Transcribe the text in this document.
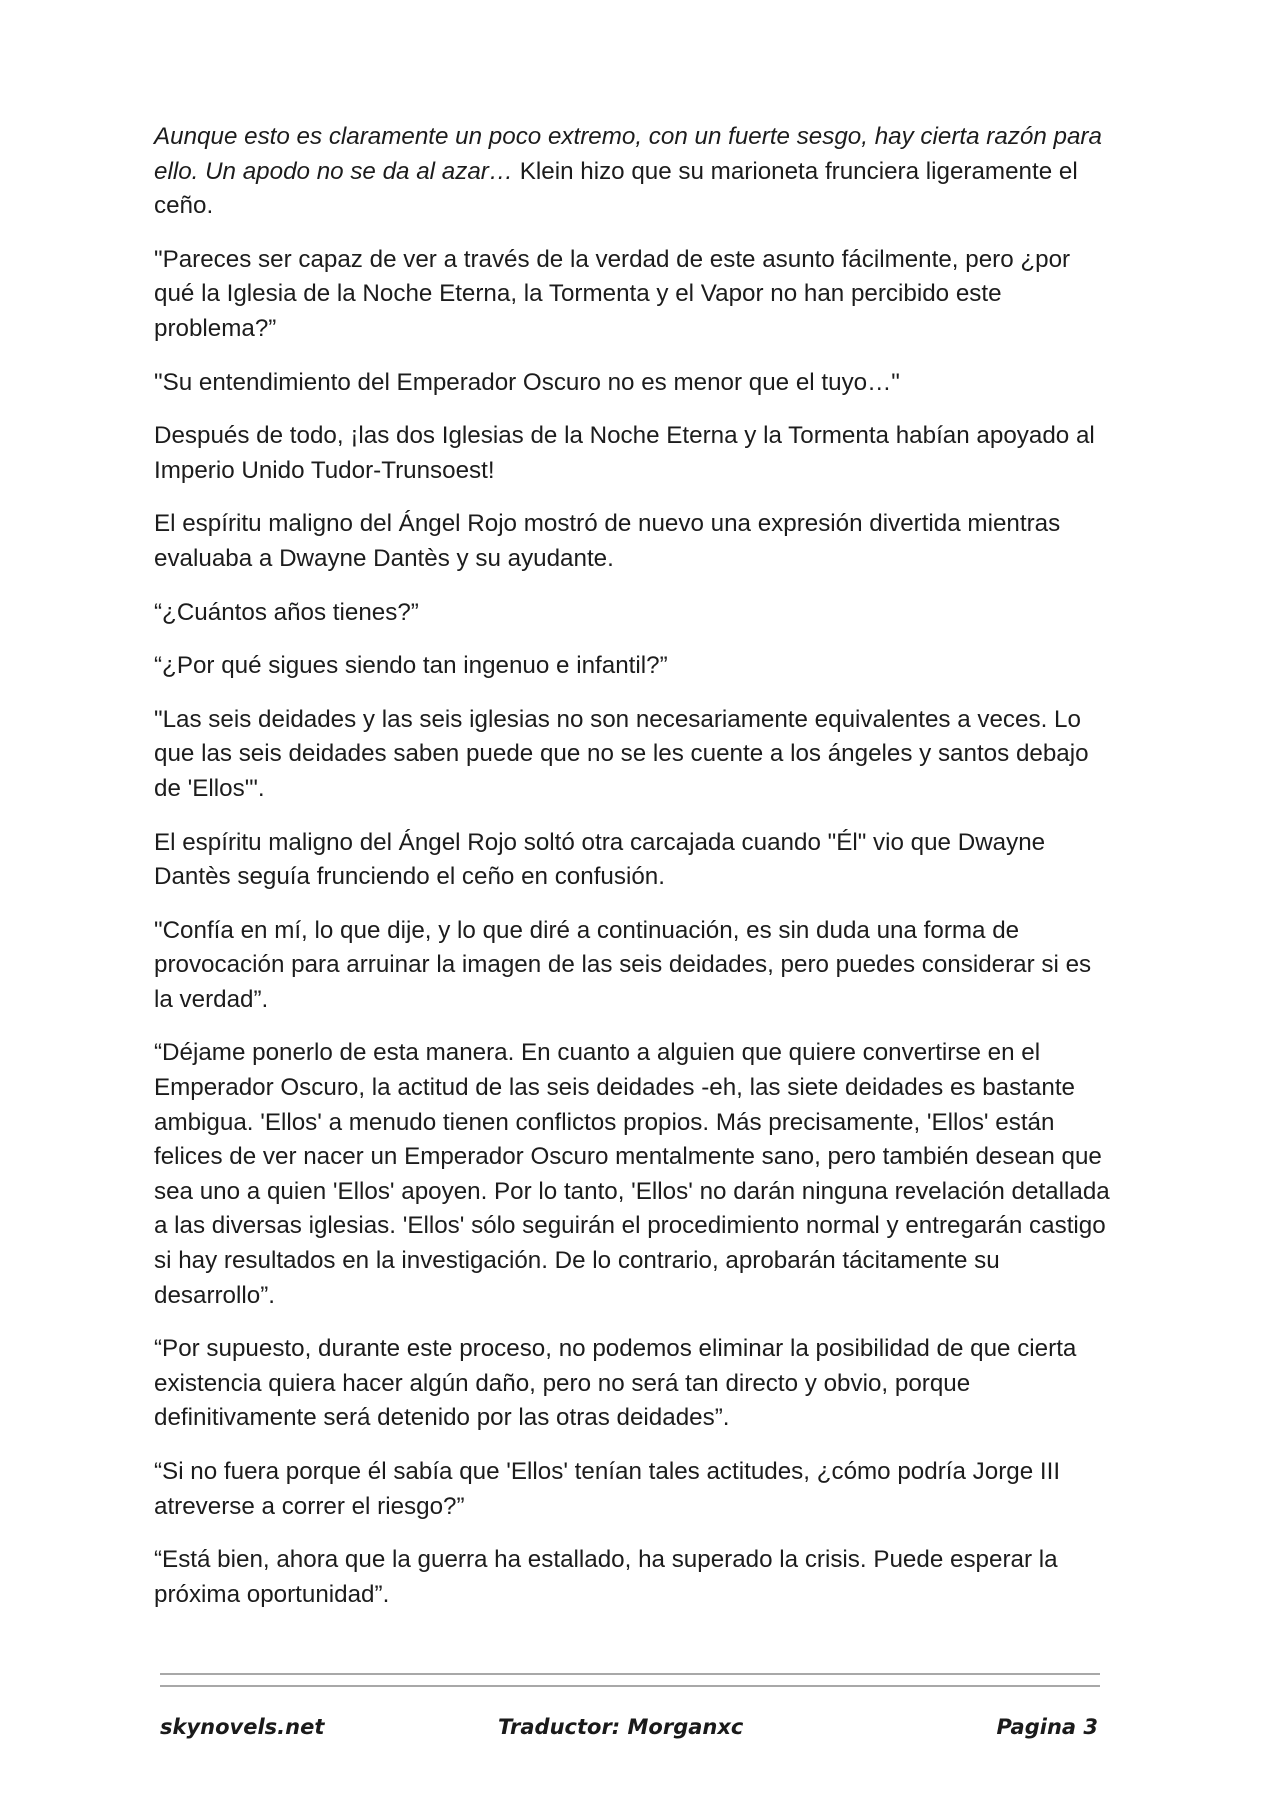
Aunque esto es claramente un poco extremo, con un fuerte sesgo, hay cierta razón para ello. Un apodo no se da al azar… Klein hizo que su marioneta frunciera ligeramente el ceño.

"Pareces ser capaz de ver a través de la verdad de este asunto fácilmente, pero ¿por qué la Iglesia de la Noche Eterna, la Tormenta y el Vapor no han percibido este problema?”

"Su entendimiento del Emperador Oscuro no es menor que el tuyo…"

Después de todo, ¡las dos Iglesias de la Noche Eterna y la Tormenta habían apoyado al Imperio Unido Tudor-Trunsoest!

El espíritu maligno del Ángel Rojo mostró de nuevo una expresión divertida mientras evaluaba a Dwayne Dantès y su ayudante.

“¿Cuántos años tienes?”

“¿Por qué sigues siendo tan ingenuo e infantil?”

"Las seis deidades y las seis iglesias no son necesariamente equivalentes a veces. Lo que las seis deidades saben puede que no se les cuente a los ángeles y santos debajo de 'Ellos'".

El espíritu maligno del Ángel Rojo soltó otra carcajada cuando "Él" vio que Dwayne Dantès seguía frunciendo el ceño en confusión.

"Confía en mí, lo que dije, y lo que diré a continuación, es sin duda una forma de provocación para arruinar la imagen de las seis deidades, pero puedes considerar si es la verdad”.

“Déjame ponerlo de esta manera. En cuanto a alguien que quiere convertirse en el Emperador Oscuro, la actitud de las seis deidades -eh, las siete deidades es bastante ambigua. 'Ellos' a menudo tienen conflictos propios. Más precisamente, 'Ellos' están felices de ver nacer un Emperador Oscuro mentalmente sano, pero también desean que sea uno a quien 'Ellos' apoyen. Por lo tanto, 'Ellos' no darán ninguna revelación detallada a las diversas iglesias. 'Ellos' sólo seguirán el procedimiento normal y entregarán castigo si hay resultados en la investigación. De lo contrario, aprobarán tácitamente su desarrollo”.

“Por supuesto, durante este proceso, no podemos eliminar la posibilidad de que cierta existencia quiera hacer algún daño, pero no será tan directo y obvio, porque definitivamente será detenido por las otras deidades”.

“Si no fuera porque él sabía que 'Ellos' tenían tales actitudes, ¿cómo podría Jorge III atreverse a correr el riesgo?”

“Está bien, ahora que la guerra ha estallado, ha superado la crisis. Puede esperar la próxima oportunidad”.

skynovels.net	Traductor: Morganxc	Pagina 3
